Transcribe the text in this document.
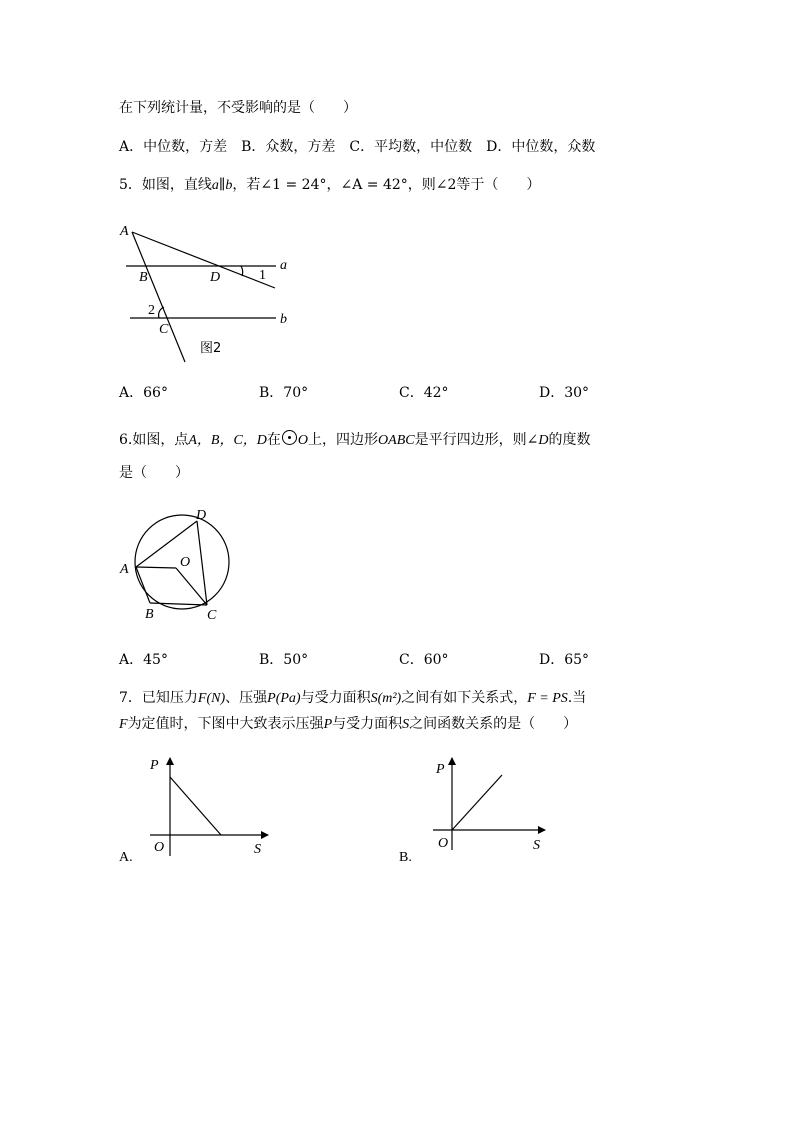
在下列统计量，不受影响的是（　　）
A．中位数，方差　B．众数，方差　C．平均数，中位数　D．中位数，众数
5．如图，直线a∥b，若∠1 = 24°，∠A = 42°，则∠2等于（　　）
A
B	D	1
a
2
b
C
图2
A．66°	B．70°	C．42°	D．30°
6.如图，点A，B，C，D在 O上，四边形OABC是平行四边形，则∠D的度数
是（　　）
D
O
A
B	C
A．45°	B．50°	C．60°	D．65°
7．已知压力F(N)、压强P(Pa)与受力面积S(m²)之间有如下关系式，F = PS.当
F为定值时，下图中大致表示压强P与受力面积S之间函数关系的是（　　）
P
O	S
A.
P
O	S
B.
